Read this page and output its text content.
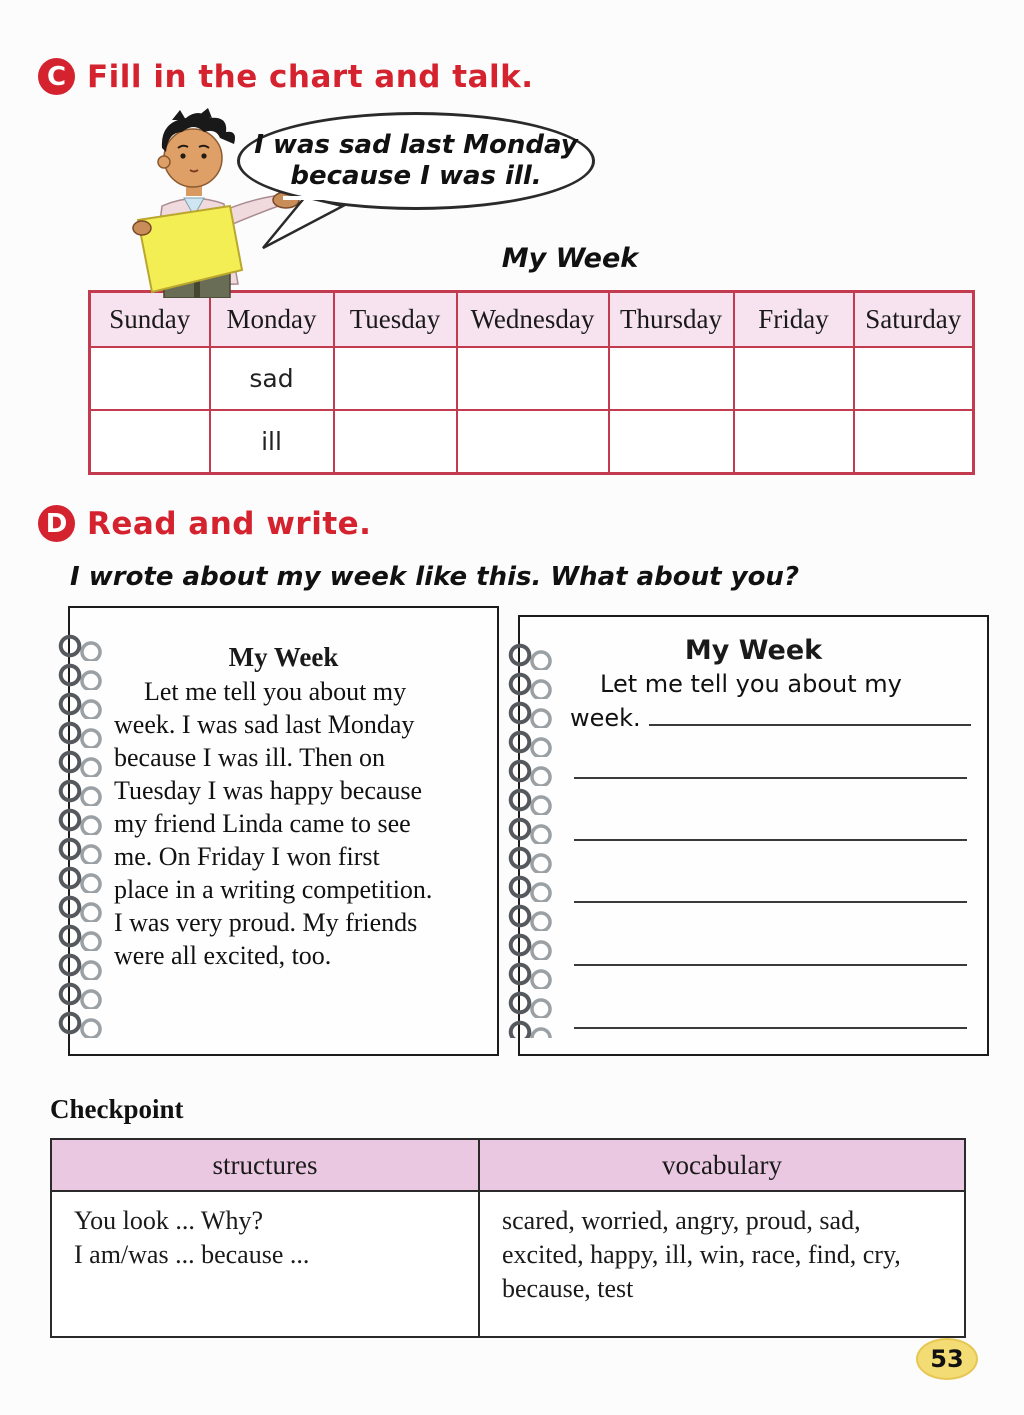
C Fill in the chart and talk.
I was sad last Monday
because I was ill.
My Week
Sunday	Monday	Tuesday	Wednesday	Thursday	Friday	Saturday
	sad					
	ill					
D Read and write.
I wrote about my week like this. What about you?
My Week
Let me tell you about my
week. I was sad last Monday
because I was ill. Then on
Tuesday I was happy because
my friend Linda came to see
me. On Friday I won first
place in a writing competition.
I was very proud. My friends
were all excited, too.
My Week
Let me tell you about my
week.
Checkpoint
structures	vocabulary

You look ... Why?
I am/was ... because ...	scared, worried, angry, proud, sad, excited, happy, ill, win, race, find, cry, because, test
53
